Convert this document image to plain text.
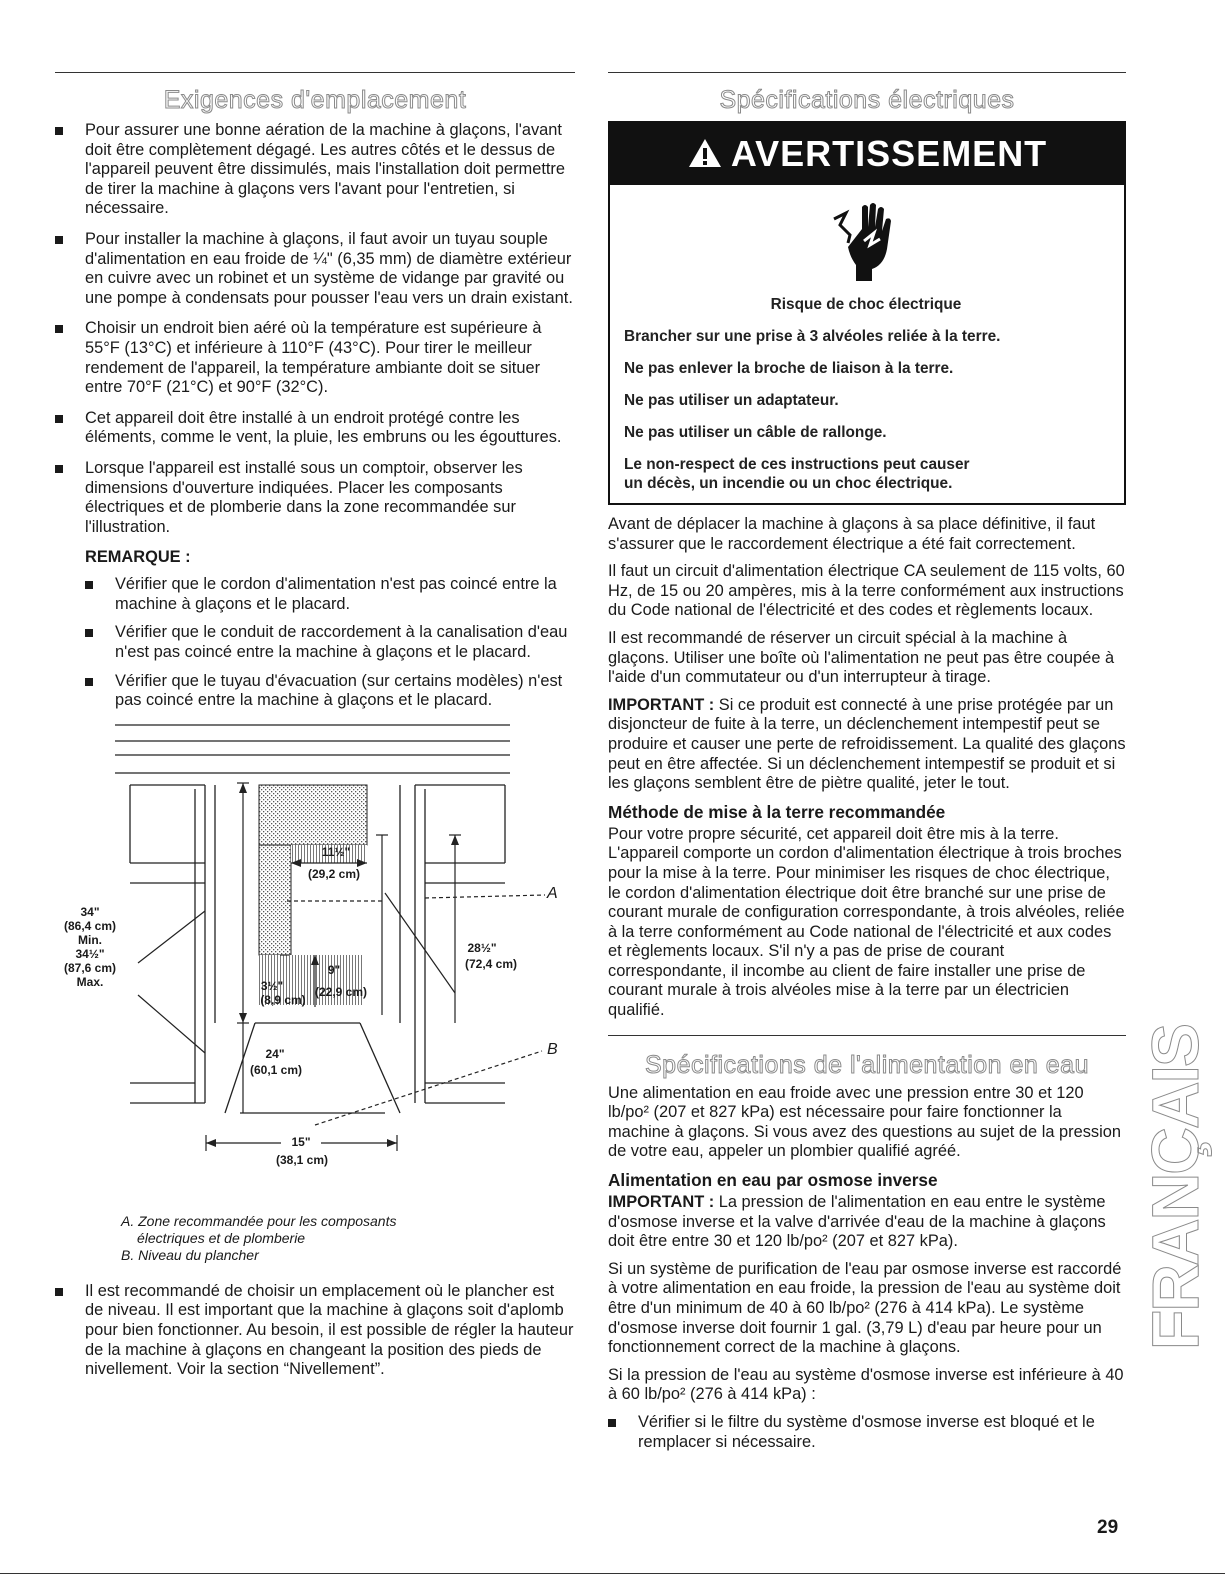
Exigences d'emplacement
Pour assurer une bonne aération de la machine à glaçons, l'avant doit être complètement dégagé. Les autres côtés et le dessus de l'appareil peuvent être dissimulés, mais l'installation doit permettre de tirer la machine à glaçons vers l'avant pour l'entretien, si nécessaire.
Pour installer la machine à glaçons, il faut avoir un tuyau souple d'alimentation en eau froide de ¼" (6,35 mm) de diamètre extérieur en cuivre avec un robinet et un système de vidange par gravité ou une pompe à condensats pour pousser l'eau vers un drain existant.
Choisir un endroit bien aéré où la température est supérieure à 55°F (13°C) et inférieure à 110°F (43°C). Pour tirer le meilleur rendement de l'appareil, la température ambiante doit se situer entre 70°F (21°C) et 90°F (32°C).
Cet appareil doit être installé à un endroit protégé contre les éléments, comme le vent, la pluie, les embruns ou les égouttures.
Lorsque l'appareil est installé sous un comptoir, observer les dimensions d'ouverture indiquées. Placer les composants électriques et de plomberie dans la zone recommandée sur l'illustration.
REMARQUE :
Vérifier que le cordon d'alimentation n'est pas coincé entre la machine à glaçons et le placard.
Vérifier que le conduit de raccordement à la canalisation d'eau n'est pas coincé entre la machine à glaçons et le placard.
Vérifier que le tuyau d'évacuation (sur certains modèles) n'est pas coincé entre la machine à glaçons et le placard.
34"
(86,4 cm)
Min.
34½"
(87,6 cm)
Max.
11½"
(29,2 cm)
3½"
(8,9 cm)
9"
(22,9 cm)
28½"
(72,4 cm)
24"
(60,1 cm)
15"
(38,1 cm)
A
B
A. Zone recommandée pour les composants
électriques et de plomberie
B. Niveau du plancher
Il est recommandé de choisir un emplacement où le plancher est de niveau. Il est important que la machine à glaçons soit d'aplomb pour bien fonctionner. Au besoin, il est possible de régler la hauteur de la machine à glaçons en changeant la position des pieds de nivellement. Voir la section “Nivellement”.
Spécifications électriques
AVERTISSEMENT

Risque de choc électrique

Brancher sur une prise à 3 alvéoles reliée à la terre.

Ne pas enlever la broche de liaison à la terre.

Ne pas utiliser un adaptateur.

Ne pas utiliser un câble de rallonge.

Le non-respect de ces instructions peut causer
un décès, un incendie ou un choc électrique.

Avant de déplacer la machine à glaçons à sa place définitive, il faut s'assurer que le raccordement électrique a été fait correctement.

Il faut un circuit d'alimentation électrique CA seulement de 115 volts, 60 Hz, de 15 ou 20 ampères, mis à la terre conformément aux instructions du Code national de l'électricité et des codes et règlements locaux.

Il est recommandé de réserver un circuit spécial à la machine à glaçons. Utiliser une boîte où l'alimentation ne peut pas être coupée à l'aide d'un commutateur ou d'un interrupteur à tirage.

IMPORTANT : Si ce produit est connecté à une prise protégée par un disjoncteur de fuite à la terre, un déclenchement intempestif peut se produire et causer une perte de refroidissement. La qualité des glaçons peut en être affectée. Si un déclenchement intempestif se produit et si les glaçons semblent être de piètre qualité, jeter le tout.

Méthode de mise à la terre recommandée

Pour votre propre sécurité, cet appareil doit être mis à la terre. L'appareil comporte un cordon d'alimentation électrique à trois broches pour la mise à la terre. Pour minimiser les risques de choc électrique, le cordon d'alimentation électrique doit être branché sur une prise de courant murale de configuration correspondante, à trois alvéoles, reliée à la terre conformément au Code national de l'électricité et aux codes et règlements locaux. S'il n'y a pas de prise de courant correspondante, il incombe au client de faire installer une prise de courant murale à trois alvéoles mise à la terre par un électricien qualifié.

Spécifications de l'alimentation en eau

Une alimentation en eau froide avec une pression entre 30 et 120 lb/po² (207 et 827 kPa) est nécessaire pour faire fonctionner la machine à glaçons. Si vous avez des questions au sujet de la pression de votre eau, appeler un plombier qualifié agréé.

Alimentation en eau par osmose inverse

IMPORTANT : La pression de l'alimentation en eau entre le système d'osmose inverse et la valve d'arrivée d'eau de la machine à glaçons doit être entre 30 et 120 lb/po² (207 et 827 kPa).

Si un système de purification de l'eau par osmose inverse est raccordé à votre alimentation en eau froide, la pression de l'eau au système doit être d'un minimum de 40 à 60 lb/po² (276 à 414 kPa). Le système d'osmose inverse doit fournir 1 gal. (3,79 L) d'eau par heure pour un fonctionnement correct de la machine à glaçons.

Si la pression de l'eau au système d'osmose inverse est inférieure à 40 à 60 lb/po² (276 à 414 kPa) :

Vérifier si le filtre du système d'osmose inverse est bloqué et le remplacer si nécessaire.
FRANÇAIS
29
